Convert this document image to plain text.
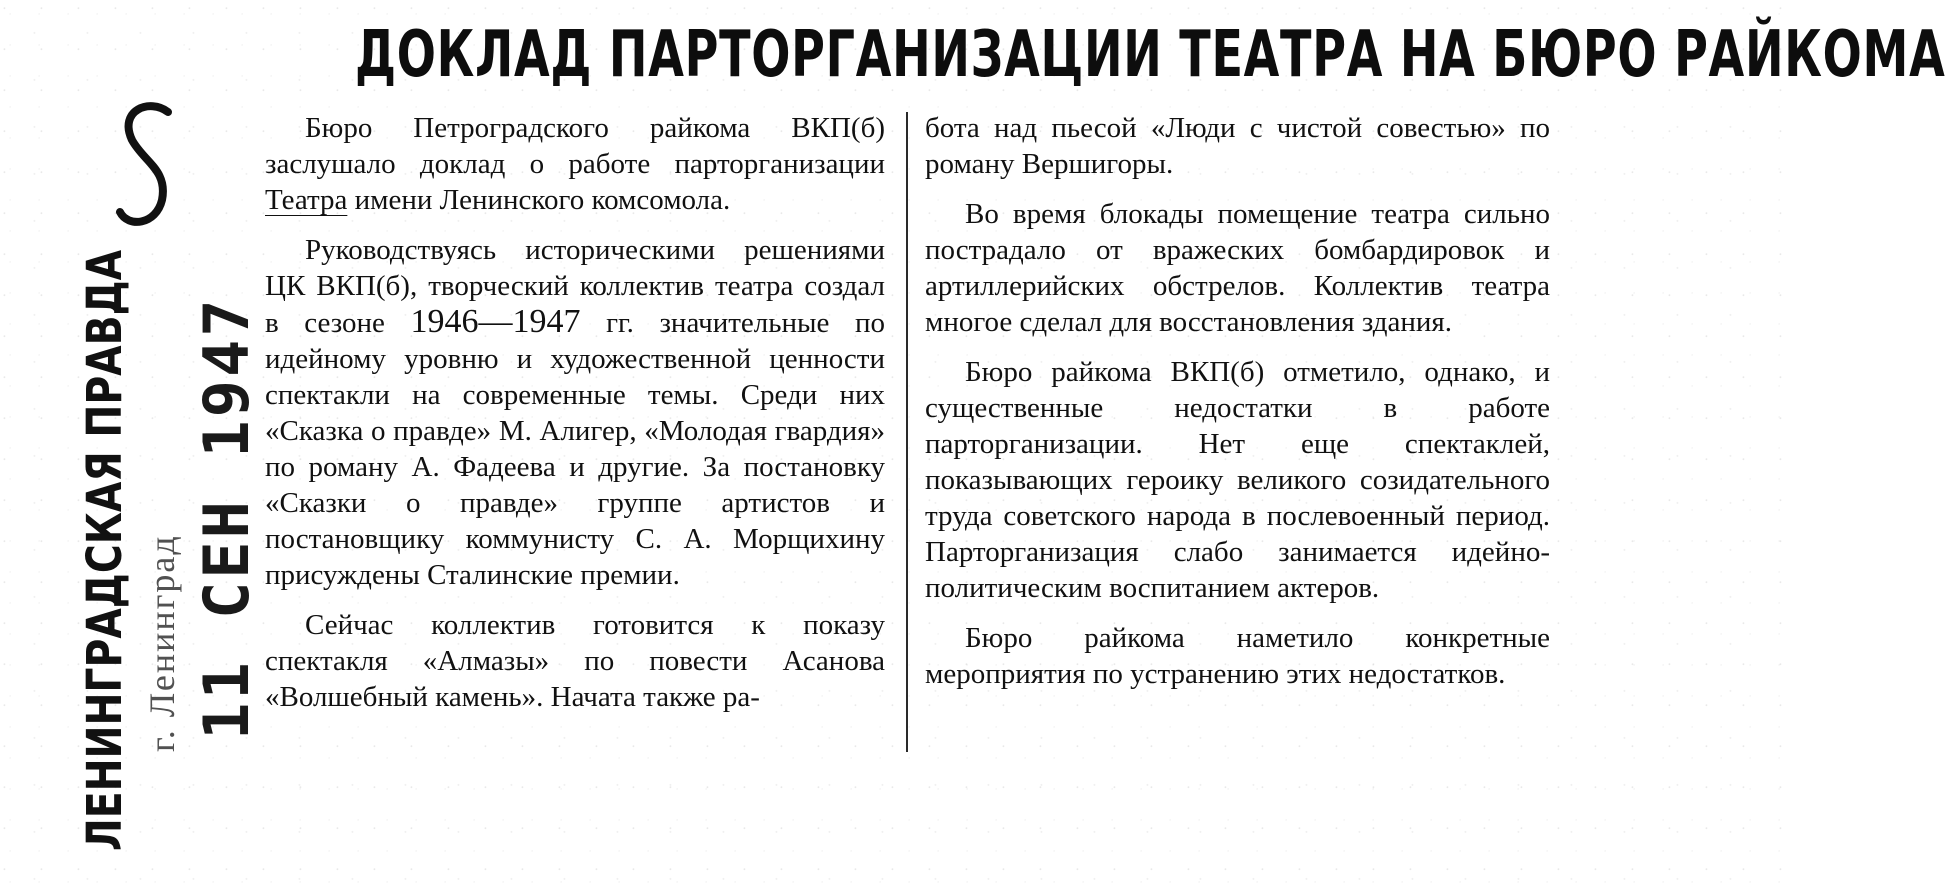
ДОКЛАД ПАРТОРГАНИЗАЦИИ ТЕАТРА НА БЮРО РАЙКОМА
ЛЕНИНГРАДСКАЯ ПРАВДА г. Ленинград 11 СЕН 1947

Бюро Петроградского райкома ВКП(б) заслушало доклад о работе парторганизации Театра имени Ленинского комсомола.

Руководствуясь историческими решениями ЦК ВКП(б), творческий коллектив театра создал в сезоне 1946—1947 гг. значительные по идейному уровню и художественной ценности спектакли на современные темы. Среди них «Сказка о правде» М. Алигер, «Молодая гвардия» по роману А. Фадеева и другие. За постановку «Сказки о правде» группе артистов и постановщику коммунисту С. А. Морщихину присуждены Сталинские премии.

Сейчас коллектив готовится к показу спектакля «Алмазы» по повести Асанова «Волшебный камень». Начата также ра-

бота над пьесой «Люди с чистой совестью» по роману Вершигоры.

Во время блокады помещение театра сильно пострадало от вражеских бомбардировок и артиллерийских обстрелов. Коллектив театра многое сделал для восстановления здания.

Бюро райкома ВКП(б) отметило, однако, и существенные недостатки в работе парторганизации. Нет еще спектаклей, показывающих героику великого созидательного труда советского народа в послевоенный период. Парторганизация слабо занимается идейно-политическим воспитанием актеров.

Бюро райкома наметило конкретные мероприятия по устранению этих недостатков.
